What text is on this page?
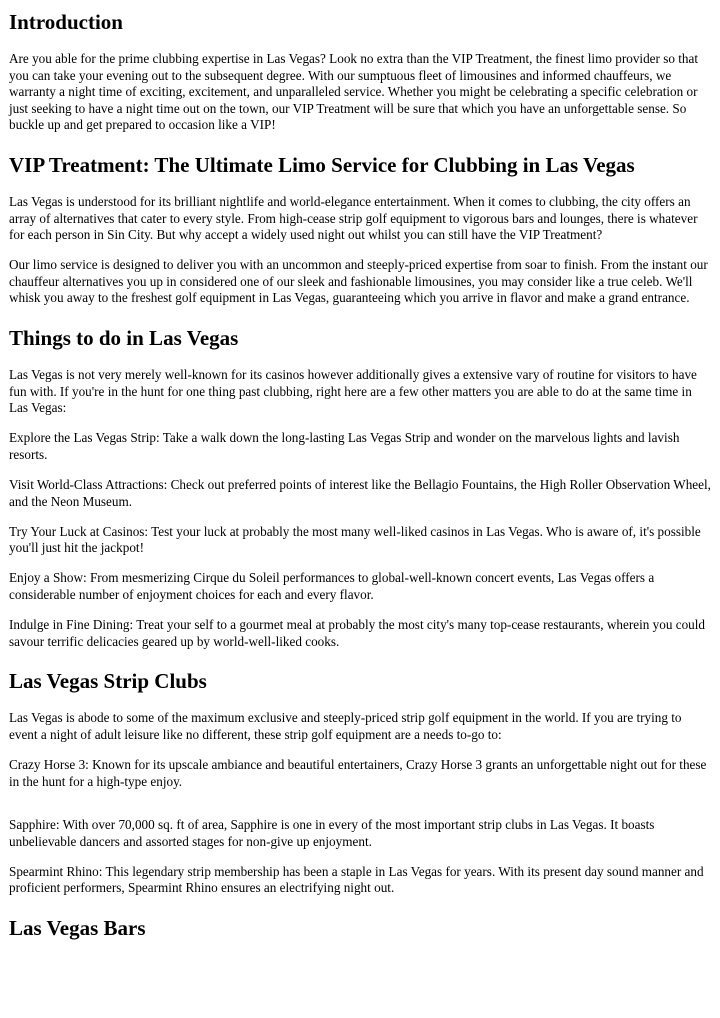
Introduction

Are you able for the prime clubbing expertise in Las Vegas? Look no extra than the VIP Treatment, the finest limo provider so that you can take your evening out to the subsequent degree. With our sumptuous fleet of limousines and informed chauffeurs, we warranty a night time of exciting, excitement, and unparalleled service. Whether you might be celebrating a specific celebration or just seeking to have a night time out on the town, our VIP Treatment will be sure that which you have an unforgettable sense. So buckle up and get prepared to occasion like a VIP!

VIP Treatment: The Ultimate Limo Service for Clubbing in Las Vegas

Las Vegas is understood for its brilliant nightlife and world-elegance entertainment. When it comes to clubbing, the city offers an array of alternatives that cater to every style. From high-cease strip golf equipment to vigorous bars and lounges, there is whatever for each person in Sin City. But why accept a widely used night out whilst you can still have the VIP Treatment?

Our limo service is designed to deliver you with an uncommon and steeply-priced expertise from soar to finish. From the instant our chauffeur alternatives you up in considered one of our sleek and fashionable limousines, you may consider like a true celeb. We'll whisk you away to the freshest golf equipment in Las Vegas, guaranteeing which you arrive in flavor and make a grand entrance.

Things to do in Las Vegas

Las Vegas is not very merely well-known for its casinos however additionally gives a extensive vary of routine for visitors to have fun with. If you're in the hunt for one thing past clubbing, right here are a few other matters you are able to do at the same time in Las Vegas:

Explore the Las Vegas Strip: Take a walk down the long-lasting Las Vegas Strip and wonder on the marvelous lights and lavish resorts.

Visit World-Class Attractions: Check out preferred points of interest like the Bellagio Fountains, the High Roller Observation Wheel, and the Neon Museum.

Try Your Luck at Casinos: Test your luck at probably the most many well-liked casinos in Las Vegas. Who is aware of, it's possible you'll just hit the jackpot!

Enjoy a Show: From mesmerizing Cirque du Soleil performances to global-well-known concert events, Las Vegas offers a considerable number of enjoyment choices for each and every flavor.

Indulge in Fine Dining: Treat your self to a gourmet meal at probably the most city's many top-cease restaurants, wherein you could savour terrific delicacies geared up by world-well-liked cooks.

Las Vegas Strip Clubs

Las Vegas is abode to some of the maximum exclusive and steeply-priced strip golf equipment in the world. If you are trying to event a night of adult leisure like no different, these strip golf equipment are a needs to-go to:

Crazy Horse 3: Known for its upscale ambiance and beautiful entertainers, Crazy Horse 3 grants an unforgettable night out for these in the hunt for a high-type enjoy.

Sapphire: With over 70,000 sq. ft of area, Sapphire is one in every of the most important strip clubs in Las Vegas. It boasts unbelievable dancers and assorted stages for non-give up enjoyment.

Spearmint Rhino: This legendary strip membership has been a staple in Las Vegas for years. With its present day sound manner and proficient performers, Spearmint Rhino ensures an electrifying night out.

Las Vegas Bars
